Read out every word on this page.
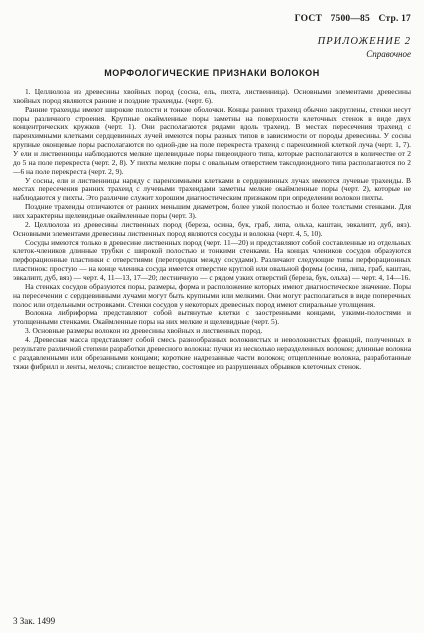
ГОСТ 7500—85 Стр. 17
ПРИЛОЖЕНИЕ 2
Справочное
МОРФОЛОГИЧЕСКИЕ ПРИЗНАКИ ВОЛОКОН

1. Целлюлоза из древесины хвойных пород (сосна, ель, пихта, лиственница). Основными элементами древесины хвойных пород являются ранние и поздние трахеиды. (черт. 6).

Ранние трахеиды имеют широкие полости и тонкие оболочки. Концы ранних трахеид обычно закруглены, стенки несут поры различного строения. Крупные окаймленные поры заметны на поверхности клеточных стенок в виде двух концентрических кружков (черт. 1). Они располагаются рядами вдоль трахеид. В местах пересечения трахеид с паренхимными клетками сердцевинных лучей имеются поры разных типов в зависимости от породы древесины. У сосны крупные оконцевые поры располагаются по одной-две на поле перекреста трахеид с паренхимной клеткой луча (черт. 1, 7). У ели и лиственницы наблюдаются мелкие щелевидные поры пицеоидного типа, которые располагаются в количестве от 2 до 5 на поле перекреста (черт. 2, 8). У пихты мелкие поры с овальным отверстием таксодиоидного типа располагаются по 2—6 на поле перекреста (черт. 2, 9).

У сосны, ели и лиственницы наряду с паренхимными клетками в сердцевинных лучах имеются лучевые трахеиды. В местах пересечения ранних трахеид с лучевыми трахеидами заметны мелкие окаймленные поры (черт. 2), которые не наблюдаются у пихты. Это различие служит хорошим диагностическим признаком при определении волокон пихты.

Поздние трахеиды отличаются от ранних меньшим диаметром, более узкой полостью и более толстыми стенками. Для них характерны щелевидные окаймленные поры (черт. 3).

2. Целлюлоза из древесины лиственных пород (береза, осина, бук, граб, липа, ольха, каштан, эвкалипт, дуб, вяз). Основными элементами древесины лиственных пород являются сосуды и волокна (черт. 4, 5, 10).

Сосуды имеются только в древесине лиственных пород (черт. 11—20) и представляют собой составленные из отдельных клеток-члеников длинные трубки с широкой полостью и тонкими стенками. На концах члеников сосудов образуются перфорационные пластинки с отверстиями (перегородки между сосудами). Различают следующие типы перфорационных пластинок: простую — на конце членика сосуда имеется отверстие круглой или овальной формы (осина, липа, граб, каштан, эвкалипт, дуб, вяз) — черт. 4, 11—13, 17—20; лестничную — с рядом узких отверстий (береза, бук, ольха) — черт. 4, 14—16.

На стенках сосудов образуются поры, размеры, форма и расположение которых имеют диагностическое значение. Поры на пересечении с сердцевинными лучами могут быть крупными или мелкими. Они могут располагаться в виде поперечных полос или отдельными островками. Стенки сосудов у некоторых древесных пород имеют спиральные утолщения.

Волокна либриформа представляют собой вытянутые клетки с заостренными концами, узкими-полостями и утолщенными стенками. Окаймленные поры на них мелкие и щелевидные (черт. 5).

3. Основные размеры волокон из древесины хвойных и лиственных пород.

4. Древесная масса представляет собой смесь разнообразных волокнистых и неволокнистых фракций, полученных в результате различной степени разработки древесного волокна: пучки из несколько неразделенных волокон; длинные волокна с раздавленными или обрезанными концами; короткие надрезанные части волокон; отщепленные волокна, разработанные тяжи фибрилл и ленты, мелочь; слизистое вещество, состоящее из разрушенных обрывков клеточных стенок.

3 Зак. 1499
